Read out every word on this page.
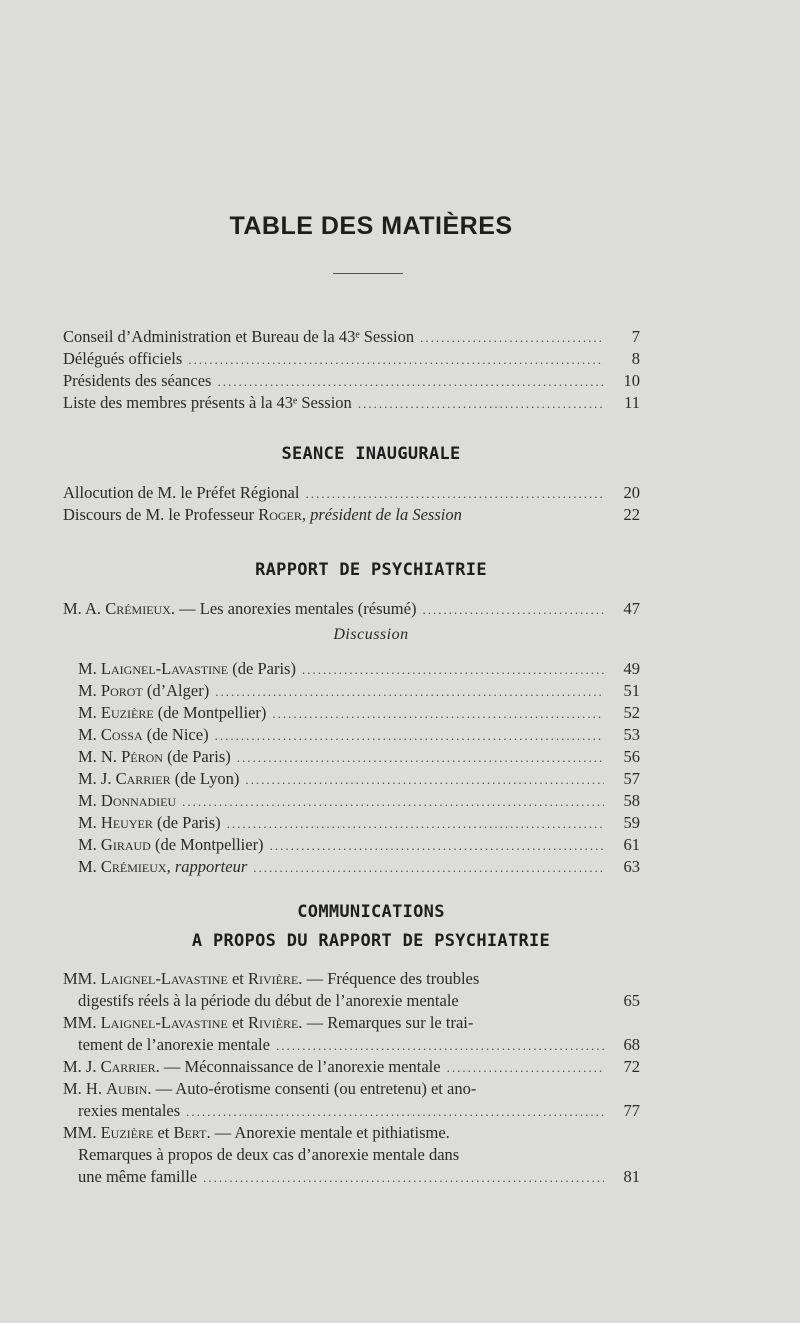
TABLE DES MATIÈRES
Conseil d’Administration et Bureau de la 43ᵉ Session .....	7
Délégués officiels .....	8
Présidents des séances .....	10
Liste des membres présents à la 43ᵉ Session .....	11
SEANCE INAUGURALE
Allocution de M. le Préfet Régional .....	20
Discours de M. le Professeur Roger, président de la Session	22
RAPPORT DE PSYCHIATRIE
M. A. Crémieux. — Les anorexies mentales (résumé) .....	47
Discussion
M. Laignel-Lavastine (de Paris) .....	49
M. Porot (d’Alger) .....	51
M. Euzière (de Montpellier) .....	52
M. Cossa (de Nice) .....	53
M. N. Péron (de Paris) .....	56
M. J. Carrier (de Lyon) .....	57
M. Donnadieu .....	58
M. Heuyer (de Paris) .....	59
M. Giraud (de Montpellier) .....	61
M. Crémieux, rapporteur .....	63
COMMUNICATIONS
A PROPOS DU RAPPORT DE PSYCHIATRIE
MM. Laignel-Lavastine et Rivière. — Fréquence des troubles
digestifs réels à la période du début de l’anorexie mentale	65
MM. Laignel-Lavastine et Rivière. — Remarques sur le trai-
tement de l’anorexie mentale .....	68
M. J. Carrier. — Méconnaissance de l’anorexie mentale .....	72
M. H. Aubin. — Auto-érotisme consenti (ou entretenu) et ano-
rexies mentales .....	77
MM. Euzière et Bert. — Anorexie mentale et pithiatisme.
Remarques à propos de deux cas d’anorexie mentale dans
une même famille .....	81
